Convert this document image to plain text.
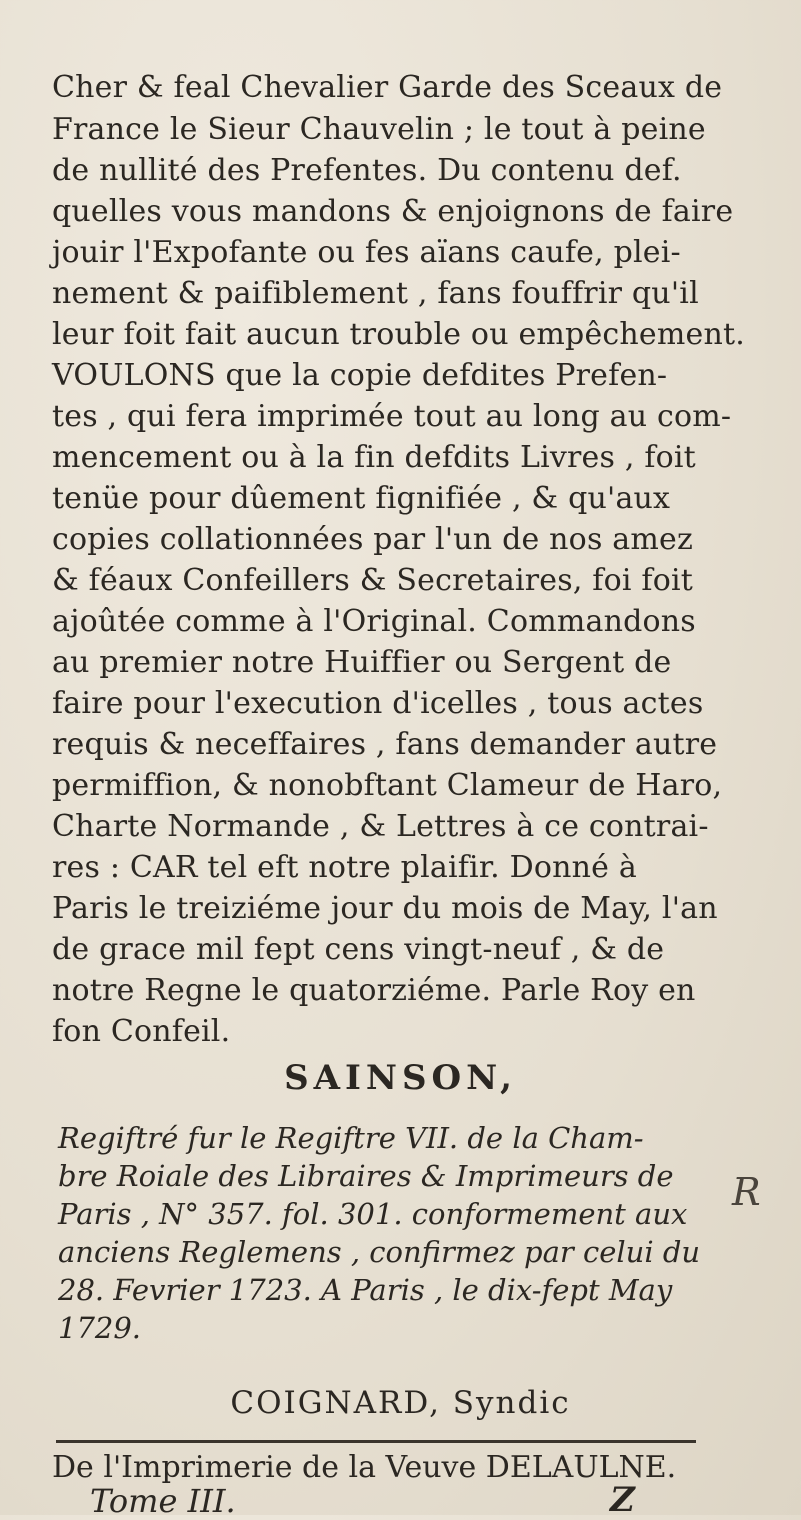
Cher & feal Chevalier Garde des Sceaux de
France le Sieur Chauvelin ; le tout à peine
de nullité des Prefentes. Du contenu def.
quelles vous mandons & enjoignons de faire
jouir l'Expofante ou fes aïans caufe, plei-
nement & paifiblement , fans fouffrir qu'il
leur foit fait aucun trouble ou empêchement.
VOULONS que la copie defdites Prefen-
tes , qui fera imprimée tout au long au com-
mencement ou à la fin defdits Livres , foit
tenüe pour dûement fignifiée , & qu'aux
copies collationnées par l'un de nos amez
& féaux Confeillers & Secretaires, foi foit
ajoûtée comme à l'Original. Commandons
au premier notre Huiffier ou Sergent de
faire pour l'execution d'icelles , tous actes
requis & neceffaires , fans demander autre
permiffion, & nonobftant Clameur de Haro,
Charte Normande , & Lettres à ce contrai-
res : CAR tel eft notre plaifir. Donné à
Paris le treiziéme jour du mois de May, l'an
de grace mil fept cens vingt-neuf , & de
notre Regne le quatorziéme. Parle Roy en
fon Confeil.
SAINSON,
Regiftré fur le Regiftre VII. de la Cham-
bre Roiale des Libraires & Imprimeurs de
Paris , N° 357. fol. 301. conformement aux
anciens Reglemens , confirmez par celui du
28. Fevrier 1723. A Paris , le dix-fept May
1729.
COIGNARD, Syndic
R
De l'Imprimerie de la Veuve DELAULNE.
Tome III.	Z
